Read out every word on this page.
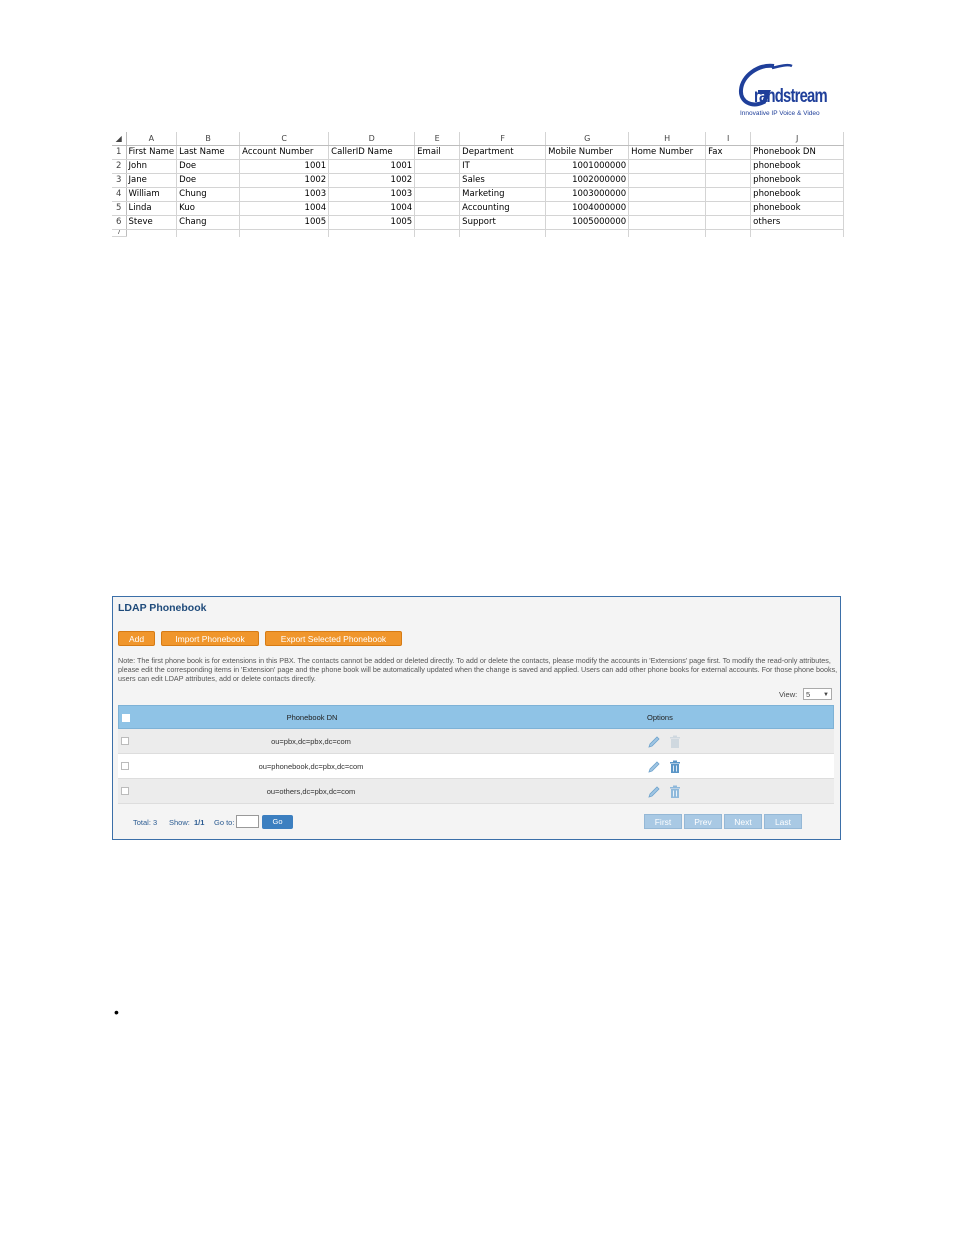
G randstream
Innovative IP Voice & Video
◢	A	B	C	D	E	F	G	H	I	J
1	First Name	Last Name	Account Number	CallerID Name	Email	Department	Mobile Number	Home Number	Fax	Phonebook DN
2	John	Doe	1001	1001		IT	1001000000			phonebook
3	Jane	Doe	1002	1002		Sales	1002000000			phonebook
4	William	Chung	1003	1003		Marketing	1003000000			phonebook
5	Linda	Kuo	1004	1004		Accounting	1004000000			phonebook
6	Steve	Chang	1005	1005		Support	1005000000			others
7										
LDAP Phonebook
Add	Import Phonebook	Export Selected Phonebook
Note: The first phone book is for extensions in this PBX. The contacts cannot be added or deleted directly. To add or delete the contacts, please modify the accounts in 'Extensions' page first. To modify the read-only attributes, please edit the corresponding items in 'Extension' page and the phone book will be automatically updated when the change is saved and applied. Users can add other phone books for external accounts. For those phone books, users can edit LDAP attributes, add or delete contacts directly.
View:	5 ▼
Phonebook DN	Options
ou=pbx,dc=pbx,dc=com
ou=phonebook,dc=pbx,dc=com
ou=others,dc=pbx,dc=com
Total: 3 Show: 1/1 Go to:	Go	First	Prev	Next	Last
•
